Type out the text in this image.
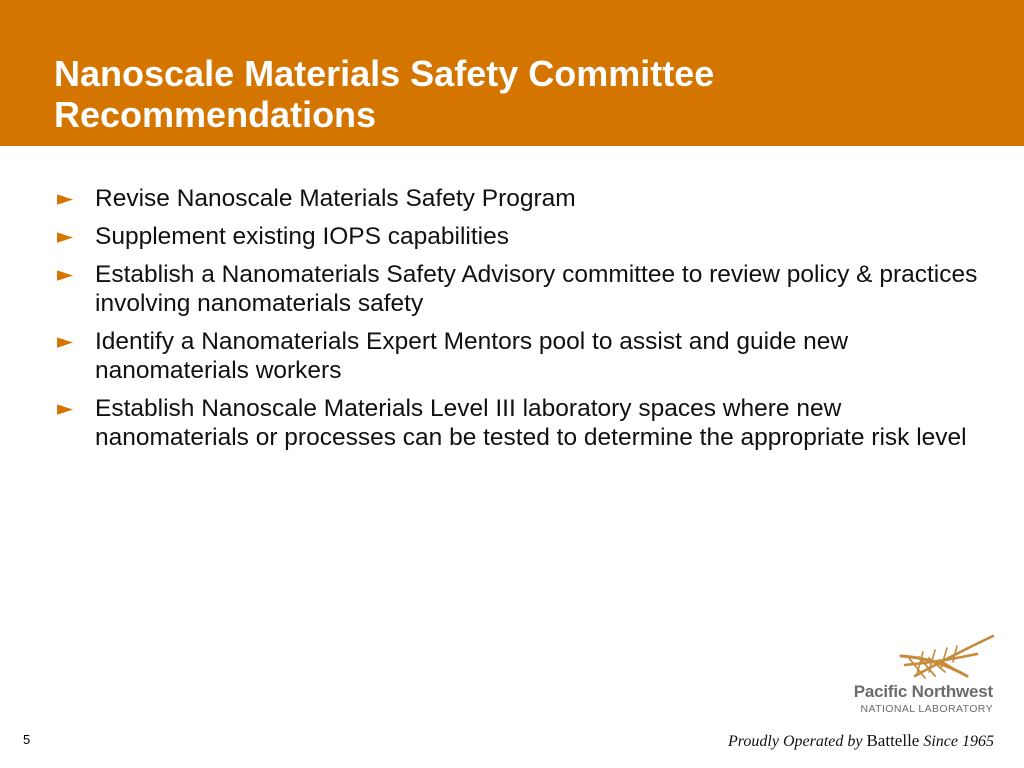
Nanoscale Materials Safety Committee Recommendations
► Revise Nanoscale Materials Safety Program
► Supplement existing IOPS capabilities
► Establish a Nanomaterials Safety Advisory committee to review policy & practices involving nanomaterials safety
► Identify a Nanomaterials Expert Mentors pool to assist and guide new nanomaterials workers
► Establish Nanoscale Materials Level III laboratory spaces where new nanomaterials or processes can be tested to determine the appropriate risk level
Pacific Northwest
NATIONAL LABORATORY
Proudly Operated by Battelle Since 1965
5
